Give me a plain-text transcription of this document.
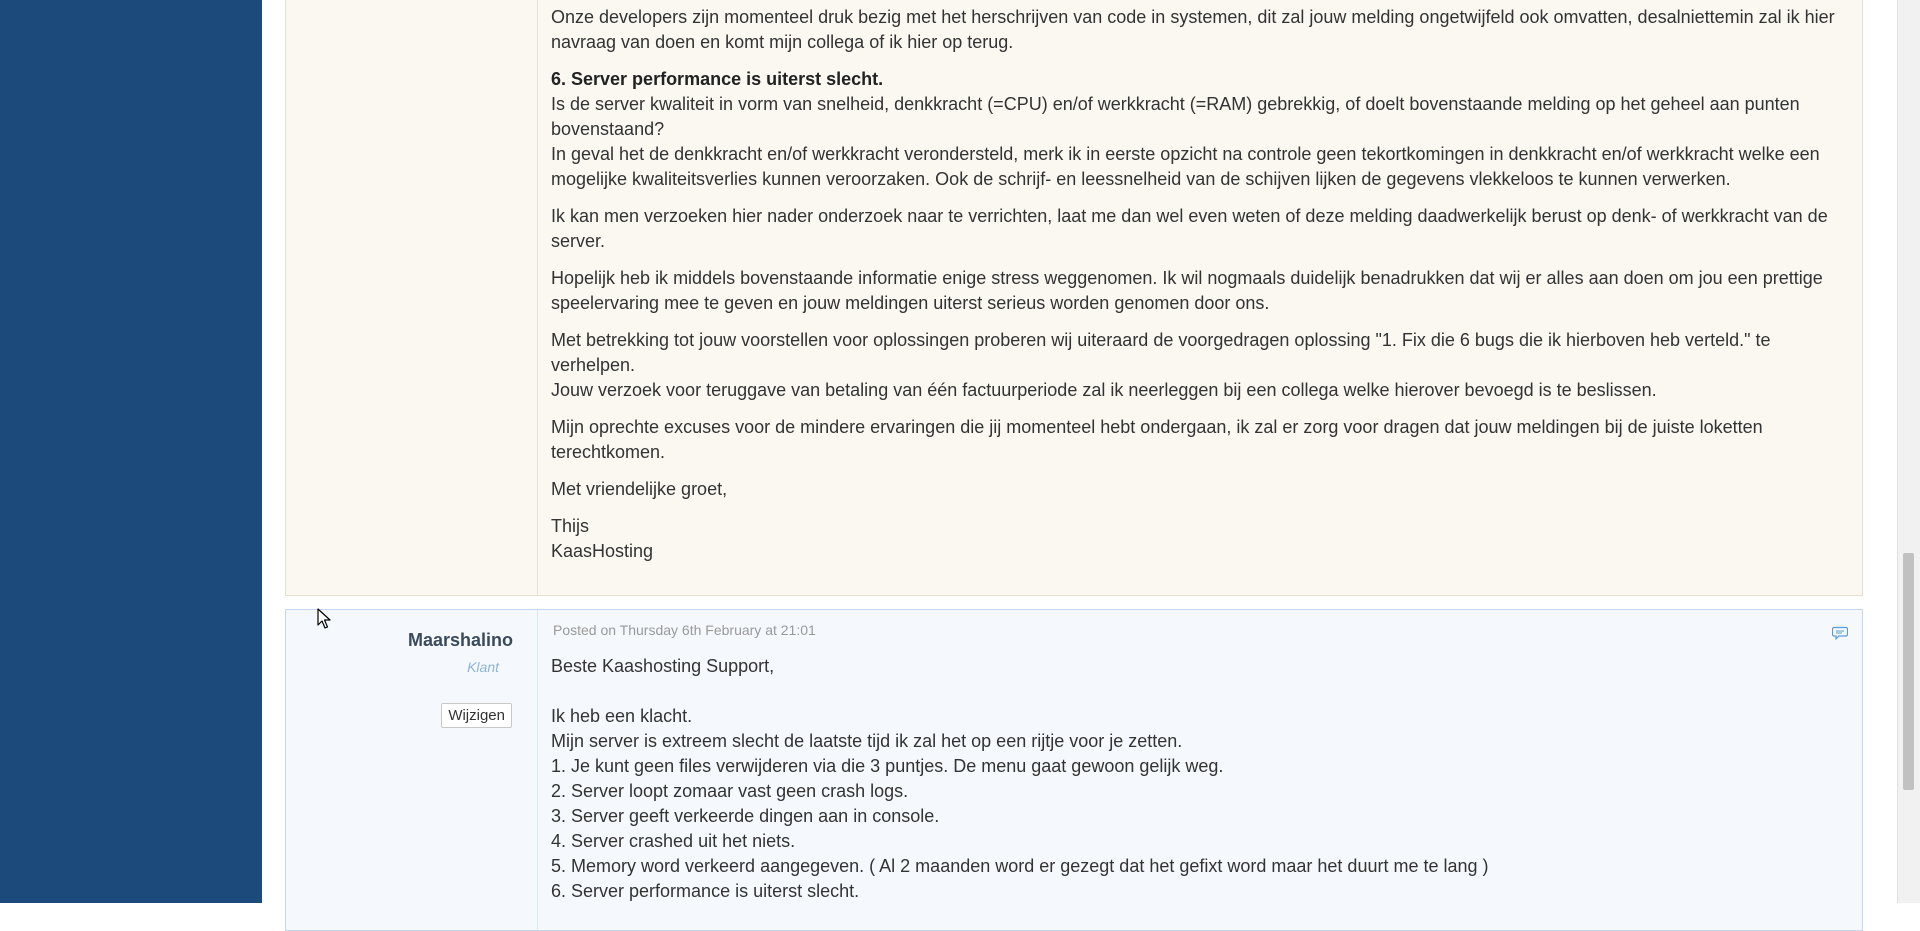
Onze developers zijn momenteel druk bezig met het herschrijven van code in systemen, dit zal jouw melding ongetwijfeld ook omvatten, desalniettemin zal ik hier navraag van doen en komt mijn collega of ik hier op terug.

6. Server performance is uiterst slecht.
Is de server kwaliteit in vorm van snelheid, denkkracht (=CPU) en/of werkkracht (=RAM) gebrekkig, of doelt bovenstaande melding op het geheel aan punten bovenstaand?
In geval het de denkkracht en/of werkkracht verondersteld, merk ik in eerste opzicht na controle geen tekortkomingen in denkkracht en/of werkkracht welke een mogelijke kwaliteitsverlies kunnen veroorzaken. Ook de schrijf- en leessnelheid van de schijven lijken de gegevens vlekkeloos te kunnen verwerken.

Ik kan men verzoeken hier nader onderzoek naar te verrichten, laat me dan wel even weten of deze melding daadwerkelijk berust op denk- of werkkracht van de server.

Hopelijk heb ik middels bovenstaande informatie enige stress weggenomen. Ik wil nogmaals duidelijk benadrukken dat wij er alles aan doen om jou een prettige speelervaring mee te geven en jouw meldingen uiterst serieus worden genomen door ons.

Met betrekking tot jouw voorstellen voor oplossingen proberen wij uiteraard de voorgedragen oplossing "1. Fix die 6 bugs die ik hierboven heb verteld." te verhelpen.
Jouw verzoek voor teruggave van betaling van één factuurperiode zal ik neerleggen bij een collega welke hierover bevoegd is te beslissen.

Mijn oprechte excuses voor de mindere ervaringen die jij momenteel hebt ondergaan, ik zal er zorg voor dragen dat jouw meldingen bij de juiste loketten terechtkomen.

Met vriendelijke groet,

Thijs
KaasHosting

Maarshalino
Klant
Wijzigen
Posted on Thursday 6th February at 21:01
Beste Kaashosting Support,
Ik heb een klacht.
Mijn server is extreem slecht de laatste tijd ik zal het op een rijtje voor je zetten.
1. Je kunt geen files verwijderen via die 3 puntjes. De menu gaat gewoon gelijk weg.
2. Server loopt zomaar vast geen crash logs.
3. Server geeft verkeerde dingen aan in console.
4. Server crashed uit het niets.
5. Memory word verkeerd aangegeven. ( Al 2 maanden word er gezegt dat het gefixt word maar het duurt me te lang )
6. Server performance is uiterst slecht.
